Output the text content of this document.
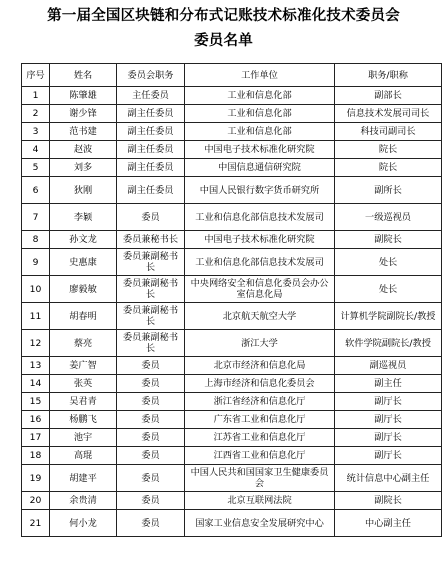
第一届全国区块链和分布式记账技术标准化技术委员会
委员名单
序号	姓名	委员会职务	工作单位	职务/职称
1	陈肇雄	主任委员	工业和信息化部	副部长
2	谢少锋	副主任委员	工业和信息化部	信息技术发展司司长
3	范书建	副主任委员	工业和信息化部	科技司副司长
4	赵波	副主任委员	中国电子技术标准化研究院	院长
5	刘多	副主任委员	中国信息通信研究院	院长
6	狄刚	副主任委员	中国人民银行数字货币研究所	副所长
7	李颖	委员	工业和信息化部信息技术发展司	一级巡视员
8	孙文龙	委员兼秘书长	中国电子技术标准化研究院	副院长
9	史惠康	委员兼副秘书长	工业和信息化部信息技术发展司	处长
10	廖毅敏	委员兼副秘书长	中央网络安全和信息化委员会办公室信息化局	处长
11	胡春明	委员兼副秘书长	北京航天航空大学	计算机学院副院长/教授
12	蔡亮	委员兼副秘书长	浙江大学	软件学院副院长/教授
13	姜广智	委员	北京市经济和信息化局	副巡视员
14	张英	委员	上海市经济和信息化委员会	副主任
15	吴君青	委员	浙江省经济和信息化厅	副厅长
16	杨鹏飞	委员	广东省工业和信息化厅	副厅长
17	池宇	委员	江苏省工业和信息化厅	副厅长
18	高琨	委员	江西省工业和信息化厅	副厅长
19	胡建平	委员	中国人民共和国国家卫生健康委员会	统计信息中心副主任
20	余贵清	委员	北京互联网法院	副院长
21	何小龙	委员	国家工业信息安全发展研究中心	中心副主任
